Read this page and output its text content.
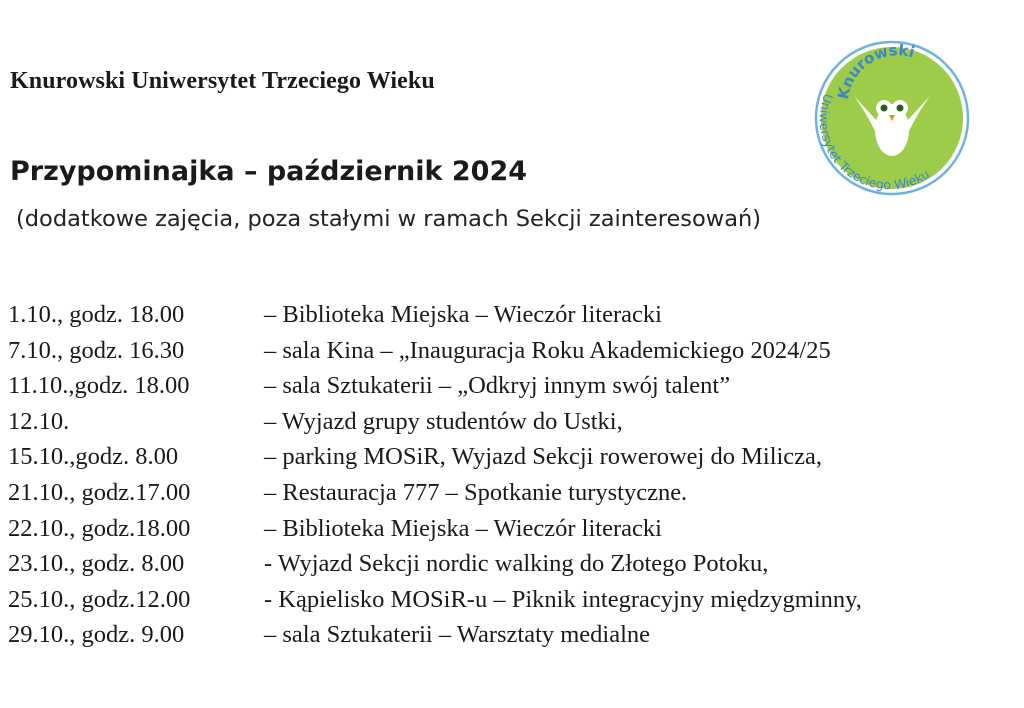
Knurowski Uniwersytet Trzeciego Wieku	Knurowski
Uniwersytet Trzeciego Wieku
Przypominajka – październik 2024
(dodatkowe zajęcia, poza stałymi w ramach Sekcji zainteresowań)
1.10., godz. 18.00	– Biblioteka Miejska – Wieczór literacki
7.10., godz. 16.30	– sala Kina – „Inauguracja Roku Akademickiego 2024/25
11.10.,godz. 18.00	– sala Sztukaterii – „Odkryj innym swój talent”
12.10.	– Wyjazd grupy studentów do Ustki,
15.10.,godz. 8.00	– parking MOSiR, Wyjazd Sekcji rowerowej do Milicza,
21.10., godz.17.00	– Restauracja 777 – Spotkanie turystyczne.
22.10., godz.18.00	– Biblioteka Miejska – Wieczór literacki
23.10., godz. 8.00	- Wyjazd Sekcji nordic walking do Złotego Potoku,
25.10., godz.12.00	- Kąpielisko MOSiR-u – Piknik integracyjny międzygminny,
29.10., godz. 9.00	– sala Sztukaterii – Warsztaty medialne
